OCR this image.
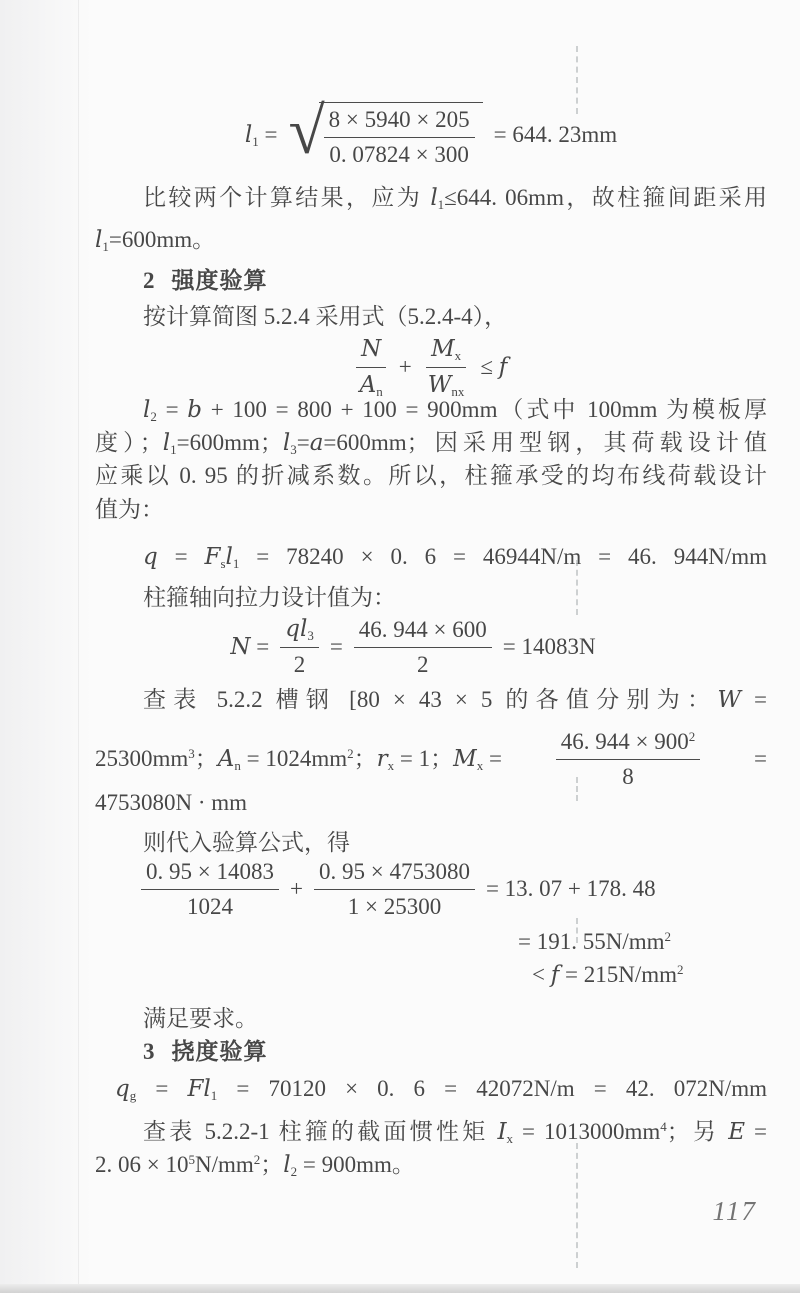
$l_1$ = √ $\frac{8 \times 5940 \times 205}{0. 07824 \times 300} = 644$. 23mm
比较两个计算结果，应为 $l_1\le 644$. 06mm，故柱箍间距采用
$l_1=600mm$。
2 强度验算
按计算简图 5.2.4 采用式（5.2.4-4），
$\frac{N}{A_n} + \frac{M_x}{W_{nx}} \le f$
$l_2 = b + 100 = 800 + 100 = 900mm$（式中 100mm 为模板厚
度）；$l_1=600mm$；$l_3=a=600mm$；因采用型钢，其荷载设计值
应乘以 0. 95 的折减系数。所以，柱箍承受的均布线荷载设计
值为：
$q = F_sl_1 = 78240 \times 0$. 6 = 46944N/m = 46. 944N/mm
柱箍轴向拉力设计值为：
$N = \frac{ql_3}{2} = \frac{46. 944 \times 600}{2} = 14083N$
查表 5.2.2 槽钢 [80 × 43 × 5 的各值分别为：W =
$25300mm^3$；$A_n = 1024mm^2$；$r_x = 1$；$M_x = \frac{46. 944 \times 900^2}{8}$ =
4753080N · mm
则代入验算公式，得
$\frac{0. 95 \times 14083}{1024} + \frac{0. 95 \times 4753080}{1 \times 25300} = 13$. 07 + 178. 48
= 191. $55N/mm^2$
< $f = 215N/mm^2$
满足要求。
3 挠度验算
$q_g = Fl_1 = 70120 \times 0$. 6 = 42072N/m = 42. 072N/mm
查表 5.2.2-1 柱箍的截面惯性矩 $I_x = 1013000mm^4$；另 E =
2. $06 \times 10^5N/mm^2$；$l_2 = 900mm$。
117
